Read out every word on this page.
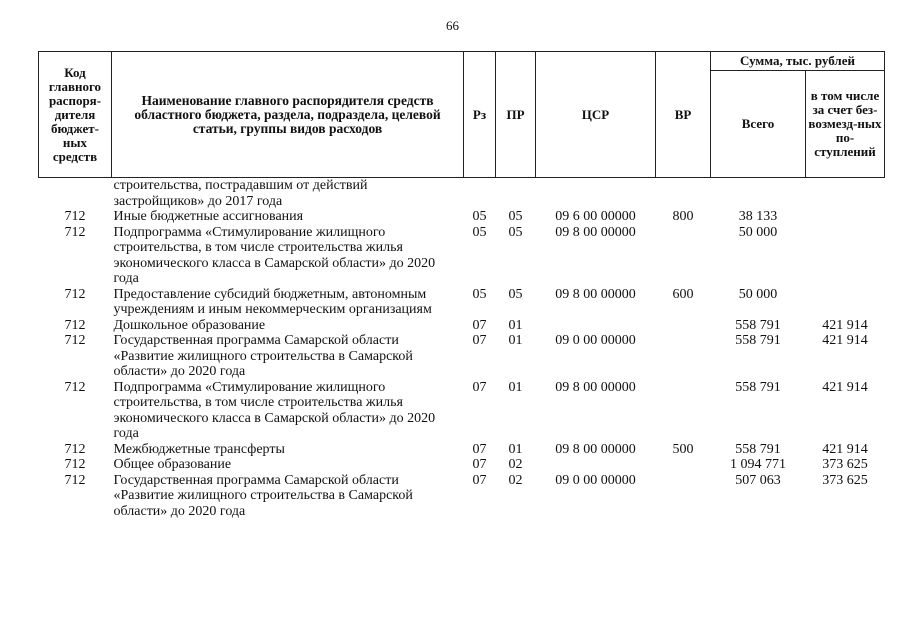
66
Код главного распоря-дителя бюджет-ных средств	Наименование главного распорядителя средств областного бюджета, раздела, подраздела, целевой статьи, группы видов расходов	Рз	ПР	ЦСР	ВР	Сумма, тыс. рублей	
						Всего	в том числе за счет без-возмезд-ных по-ступлений
	строительства, пострадавшим от действий застройщиков» до 2017 года						
712	Иные бюджетные ассигнования	05	05	09 6 00 00000	800	38 133	
712	Подпрограмма «Стимулирование жилищного строительства, в том числе строительства жилья экономического класса в Самарской области» до 2020 года	05	05	09 8 00 00000		50 000	
712	Предоставление субсидий бюджетным, автономным учреждениям и иным некоммерческим организациям	05	05	09 8 00 00000	600	50 000	
712	Дошкольное образование	07	01			558 791	421 914
712	Государственная программа Самарской области «Развитие жилищного строительства в Самарской области» до 2020 года	07	01	09 0 00 00000		558 791	421 914
712	Подпрограмма «Стимулирование жилищного строительства, в том числе строительства жилья экономического класса в Самарской области» до 2020 года	07	01	09 8 00 00000		558 791	421 914
712	Межбюджетные трансферты	07	01	09 8 00 00000	500	558 791	421 914
712	Общее образование	07	02			1 094 771	373 625
712	Государственная программа Самарской области «Развитие жилищного строительства в Самарской области» до 2020 года	07	02	09 0 00 00000		507 063	373 625
